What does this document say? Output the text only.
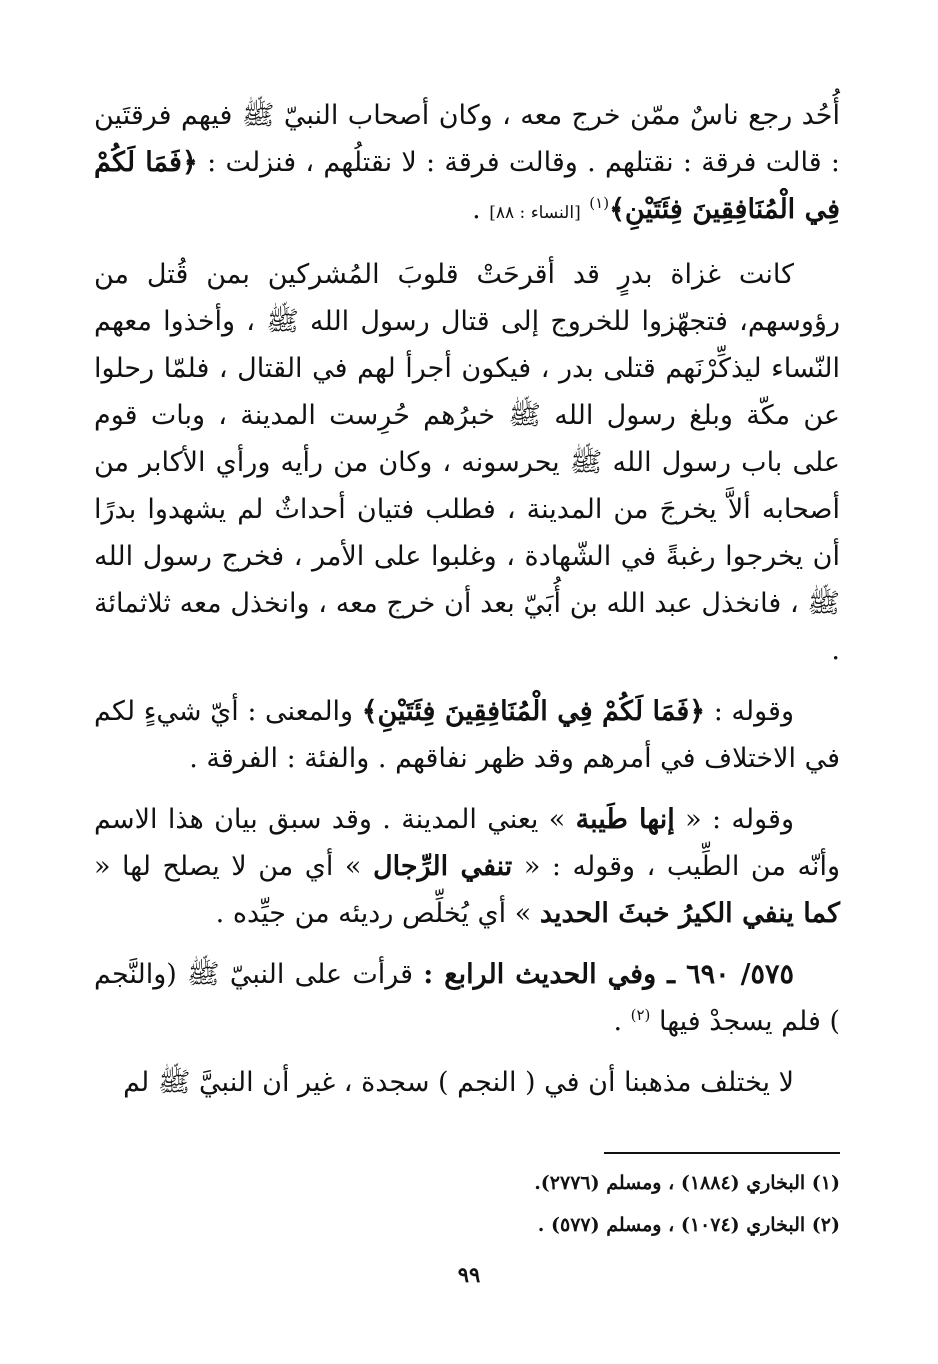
أُحُد رجع ناسٌ ممّن خرج معه ، وكان أصحاب النبيّ ﷺ فيهم فرقتَين : قالت فرقة : نقتلهم . وقالت فرقة : لا نقتلُهم ، فنزلت : ﴿فَمَا لَكُمْ فِي الْمُنَافِقِينَ فِئَتَيْنِ﴾$^{(١)}$ [النساء : ٨٨] .

كانت غزاة بدرٍ قد أقرحَتْ قلوبَ المُشركين بمن قُتل من رؤوسهم، فتجهّزوا للخروج إلى قتال رسول الله ﷺ ، وأخذوا معهم النّساء ليذكِّرْنَهم قتلى بدر ، فيكون أجرأ لهم في القتال ، فلمّا رحلوا عن مكّة وبلغ رسول الله ﷺ خبرُهم حُرِست المدينة ، وبات قوم على باب رسول الله ﷺ يحرسونه ، وكان من رأيه ورأي الأكابر من أصحابه ألاَّ يخرجَ من المدينة ، فطلب فتيان أحداثٌ لم يشهدوا بدرًا أن يخرجوا رغبةً في الشّهادة ، وغلبوا على الأمر ، فخرج رسول الله ﷺ ، فانخذل عبد الله بن أُبَيّ بعد أن خرج معه ، وانخذل معه ثلاثمائة .

وقوله : ﴿فَمَا لَكُمْ فِي الْمُنَافِقِينَ فِئَتَيْنِ﴾ والمعنى : أيّ شيءٍ لكم في الاختلاف في أمرهم وقد ظهر نفاقهم . والفئة : الفرقة .

وقوله : « إنها طَيبة » يعني المدينة . وقد سبق بيان هذا الاسم وأنّه من الطِّيب ، وقوله : « تنفي الرِّجال » أي من لا يصلح لها « كما ينفي الكيرُ خبثَ الحديد » أي يُخلِّص رديئه من جيِّده .

٥٧٥/ ٦٩٠ ـ وفي الحديث الرابع : قرأت على النبيّ ﷺ (والنَّجم ) فلم يسجدْ فيها $^{(٢)}$ .

لا يختلف مذهبنا أن في ( النجم ) سجدة ، غير أن النبيَّ ﷺ لم

(١) البخاري (١٨٨٤) ، ومسلم (٢٧٧٦).

(٢) البخاري (١٠٧٤) ، ومسلم (٥٧٧) .

٩٩
